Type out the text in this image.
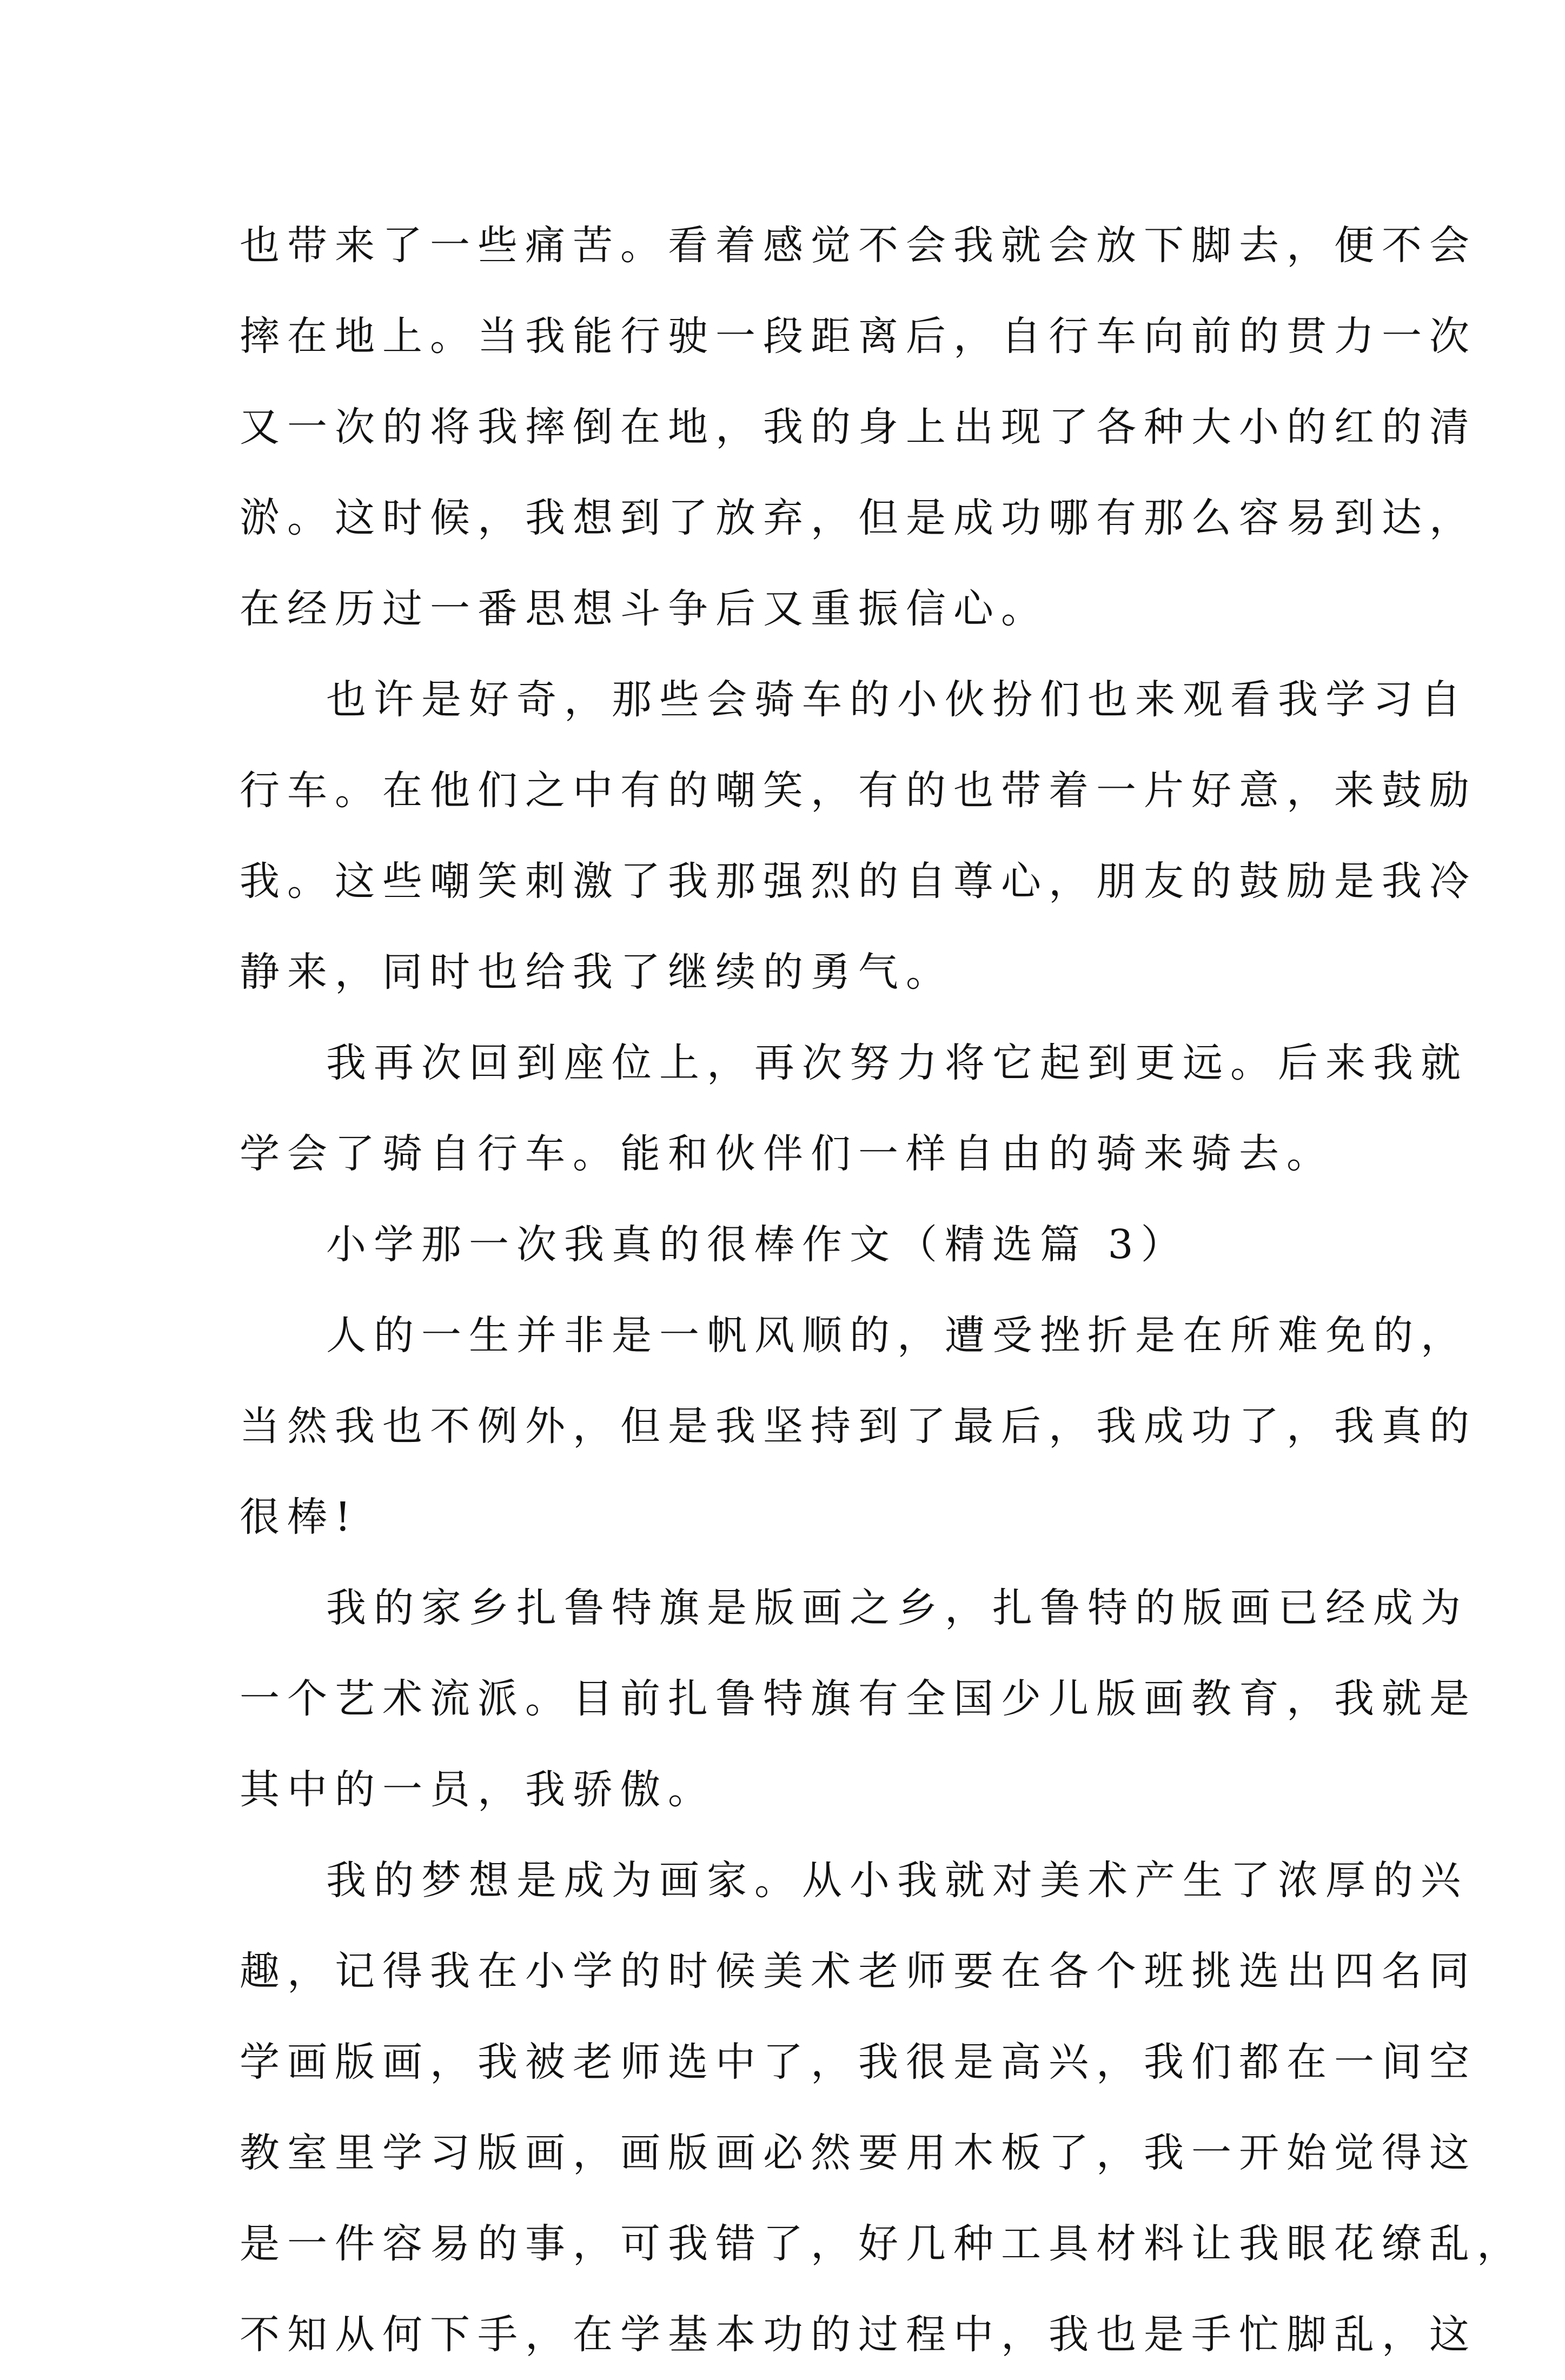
也带来了一些痛苦。看着感觉不会我就会放下脚去，便不会
摔在地上。当我能行驶一段距离后，自行车向前的贯力一次
又一次的将我摔倒在地，我的身上出现了各种大小的红的清
淤。这时候，我想到了放弃，但是成功哪有那么容易到达，
在经历过一番思想斗争后又重振信心。
也许是好奇，那些会骑车的小伙扮们也来观看我学习自
行车。在他们之中有的嘲笑，有的也带着一片好意，来鼓励
我。这些嘲笑刺激了我那强烈的自尊心，朋友的鼓励是我冷
静来，同时也给我了继续的勇气。
我再次回到座位上，再次努力将它起到更远。后来我就
学会了骑自行车。能和伙伴们一样自由的骑来骑去。
小学那一次我真的很棒作文（精选篇 3）
人的一生并非是一帆风顺的，遭受挫折是在所难免的，
当然我也不例外，但是我坚持到了最后，我成功了，我真的
很棒!
我的家乡扎鲁特旗是版画之乡，扎鲁特的版画已经成为
一个艺术流派。目前扎鲁特旗有全国少儿版画教育，我就是
其中的一员，我骄傲。
我的梦想是成为画家。从小我就对美术产生了浓厚的兴
趣，记得我在小学的时候美术老师要在各个班挑选出四名同
学画版画，我被老师选中了，我很是高兴，我们都在一间空
教室里学习版画，画版画必然要用木板了，我一开始觉得这
是一件容易的事，可我错了，好几种工具材料让我眼花缭乱，
不知从何下手，在学基本功的过程中，我也是手忙脚乱，这
